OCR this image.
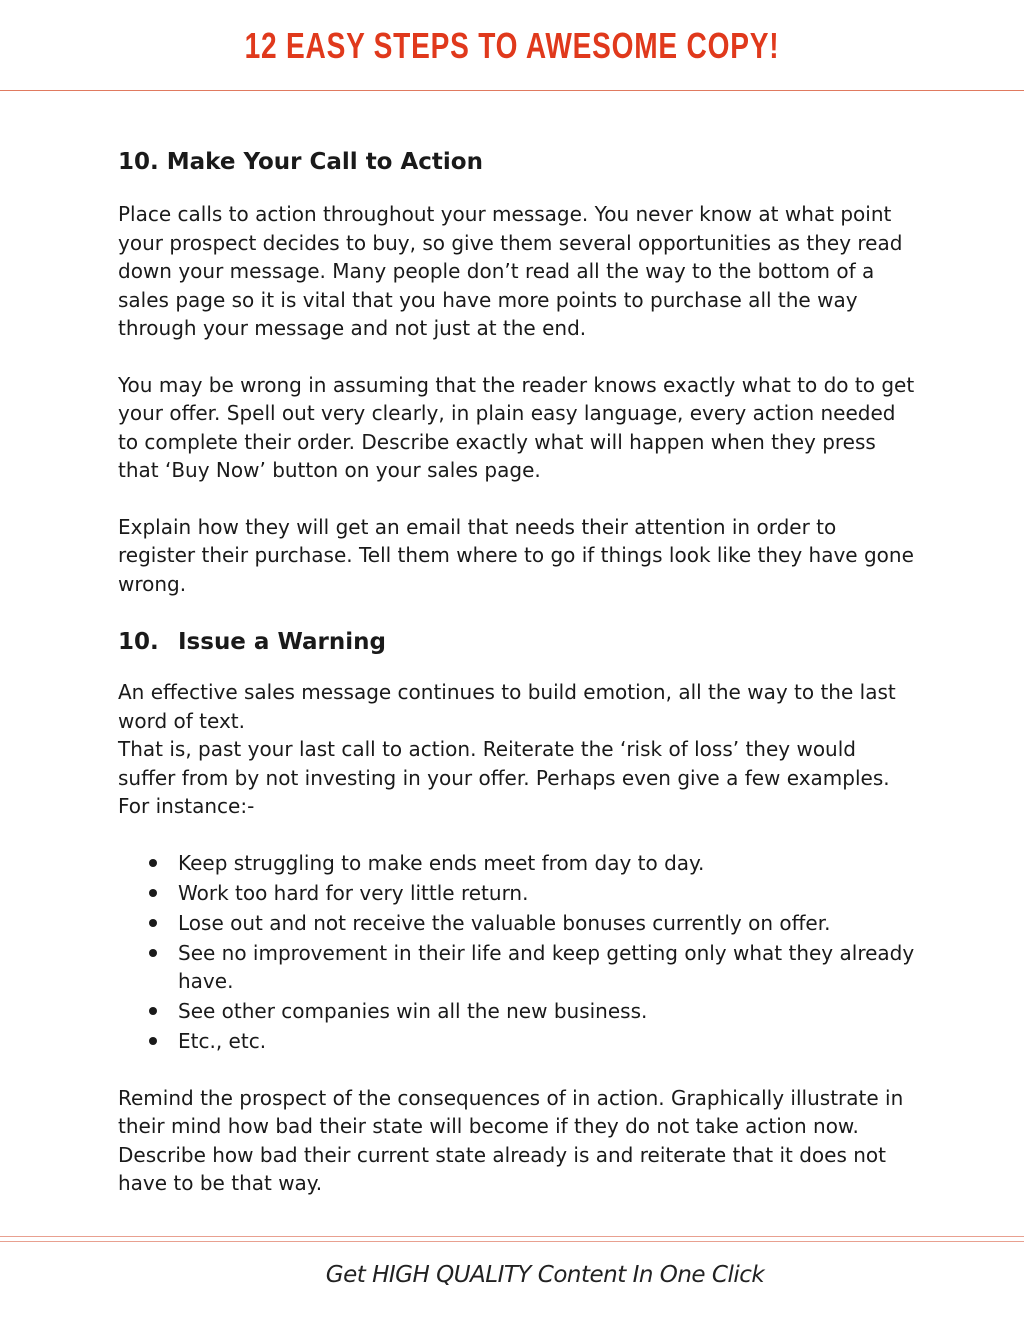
12 EASY STEPS TO AWESOME COPY!
10. Make Your Call to Action

Place calls to action throughout your message. You never know at what point your prospect decides to buy, so give them several opportunities as they read down your message. Many people don’t read all the way to the bottom of a sales page so it is vital that you have more points to purchase all the way through your message and not just at the end.

You may be wrong in assuming that the reader knows exactly what to do to get your offer. Spell out very clearly, in plain easy language, every action needed to complete their order. Describe exactly what will happen when they press that ‘Buy Now’ button on your sales page.

Explain how they will get an email that needs their attention in order to register their purchase. Tell them where to go if things look like they have gone wrong.

10. Issue a Warning

An effective sales message continues to build emotion, all the way to the last word of text.

That is, past your last call to action. Reiterate the ‘risk of loss’ they would suffer from by not investing in your offer. Perhaps even give a few examples. For instance:-

Keep struggling to make ends meet from day to day.
Work too hard for very little return.
Lose out and not receive the valuable bonuses currently on offer.
See no improvement in their life and keep getting only what they already have.
See other companies win all the new business.
Etc., etc.

Remind the prospect of the consequences of in action. Graphically illustrate in their mind how bad their state will become if they do not take action now. Describe how bad their current state already is and reiterate that it does not have to be that way.

Get HIGH QUALITY Content In One Click
